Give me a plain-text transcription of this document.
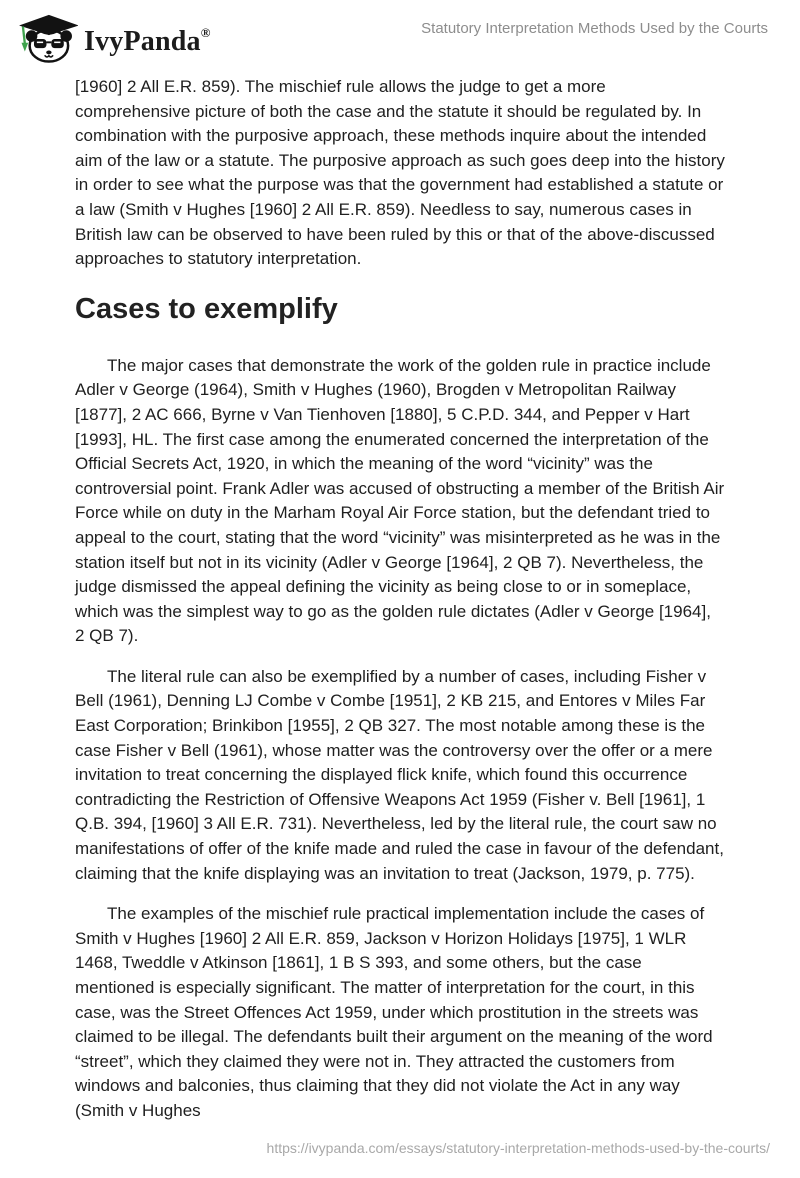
IvyPanda®	Statutory Interpretation Methods Used by the Courts

[1960] 2 All E.R. 859). The mischief rule allows the judge to get a more comprehensive picture of both the case and the statute it should be regulated by. In combination with the purposive approach, these methods inquire about the intended aim of the law or a statute. The purposive approach as such goes deep into the history in order to see what the purpose was that the government had established a statute or a law (Smith v Hughes [1960] 2 All E.R. 859). Needless to say, numerous cases in British law can be observed to have been ruled by this or that of the above-discussed approaches to statutory interpretation.

Cases to exemplify

The major cases that demonstrate the work of the golden rule in practice include Adler v George (1964), Smith v Hughes (1960), Brogden v Metropolitan Railway [1877], 2 AC 666, Byrne v Van Tienhoven [1880], 5 C.P.D. 344, and Pepper v Hart [1993], HL. The first case among the enumerated concerned the interpretation of the Official Secrets Act, 1920, in which the meaning of the word “vicinity” was the controversial point. Frank Adler was accused of obstructing a member of the British Air Force while on duty in the Marham Royal Air Force station, but the defendant tried to appeal to the court, stating that the word “vicinity” was misinterpreted as he was in the station itself but not in its vicinity (Adler v George [1964], 2 QB 7). Nevertheless, the judge dismissed the appeal defining the vicinity as being close to or in someplace, which was the simplest way to go as the golden rule dictates (Adler v George [1964], 2 QB 7).

The literal rule can also be exemplified by a number of cases, including Fisher v Bell (1961), Denning LJ Combe v Combe [1951], 2 KB 215, and Entores v Miles Far East Corporation; Brinkibon [1955], 2 QB 327. The most notable among these is the case Fisher v Bell (1961), whose matter was the controversy over the offer or a mere invitation to treat concerning the displayed flick knife, which found this occurrence contradicting the Restriction of Offensive Weapons Act 1959 (Fisher v. Bell [1961], 1 Q.B. 394, [1960] 3 All E.R. 731). Nevertheless, led by the literal rule, the court saw no manifestations of offer of the knife made and ruled the case in favour of the defendant, claiming that the knife displaying was an invitation to treat (Jackson, 1979, p. 775).

The examples of the mischief rule practical implementation include the cases of Smith v Hughes [1960] 2 All E.R. 859, Jackson v Horizon Holidays [1975], 1 WLR 1468, Tweddle v Atkinson [1861], 1 B S 393, and some others, but the case mentioned is especially significant. The matter of interpretation for the court, in this case, was the Street Offences Act 1959, under which prostitution in the streets was claimed to be illegal. The defendants built their argument on the meaning of the word “street”, which they claimed they were not in. They attracted the customers from windows and balconies, thus claiming that they did not violate the Act in any way (Smith v Hughes

https://ivypanda.com/essays/statutory-interpretation-methods-used-by-the-courts/
